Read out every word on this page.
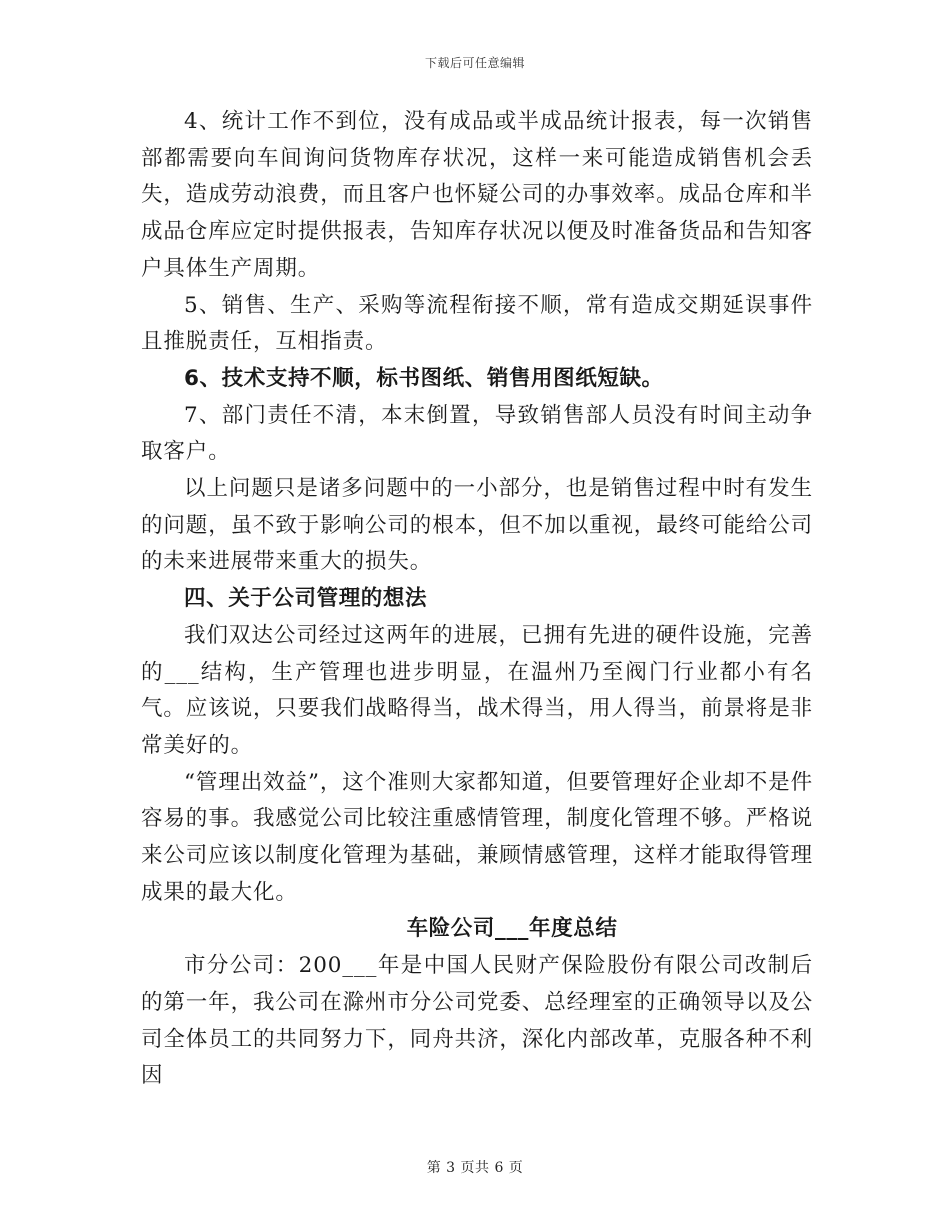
下载后可任意编辑

4、统计工作不到位，没有成品或半成品统计报表，每一次销售部都需要向车间询问货物库存状况，这样一来可能造成销售机会丢失，造成劳动浪费，而且客户也怀疑公司的办事效率。成品仓库和半成品仓库应定时提供报表，告知库存状况以便及时准备货品和告知客户具体生产周期。

5、销售、生产、采购等流程衔接不顺，常有造成交期延误事件且推脱责任，互相指责。

6、技术支持不顺，标书图纸、销售用图纸短缺。

7、部门责任不清，本末倒置，导致销售部人员没有时间主动争取客户。

以上问题只是诸多问题中的一小部分，也是销售过程中时有发生的问题，虽不致于影响公司的根本，但不加以重视，最终可能给公司的未来进展带来重大的损失。

四、关于公司管理的想法

我们双达公司经过这两年的进展，已拥有先进的硬件设施，完善的___结构，生产管理也进步明显，在温州乃至阀门行业都小有名气。应该说，只要我们战略得当，战术得当，用人得当，前景将是非常美好的。

“管理出效益”，这个准则大家都知道，但要管理好企业却不是件容易的事。我感觉公司比较注重感情管理，制度化管理不够。严格说来公司应该以制度化管理为基础，兼顾情感管理，这样才能取得管理成果的最大化。

车险公司___年度总结

市分公司：200___年是中国人民财产保险股份有限公司改制后的第一年，我公司在滁州市分公司党委、总经理室的正确领导以及公司全体员工的共同努力下，同舟共济，深化内部改革，克服各种不利因

第 3 页共 6 页
